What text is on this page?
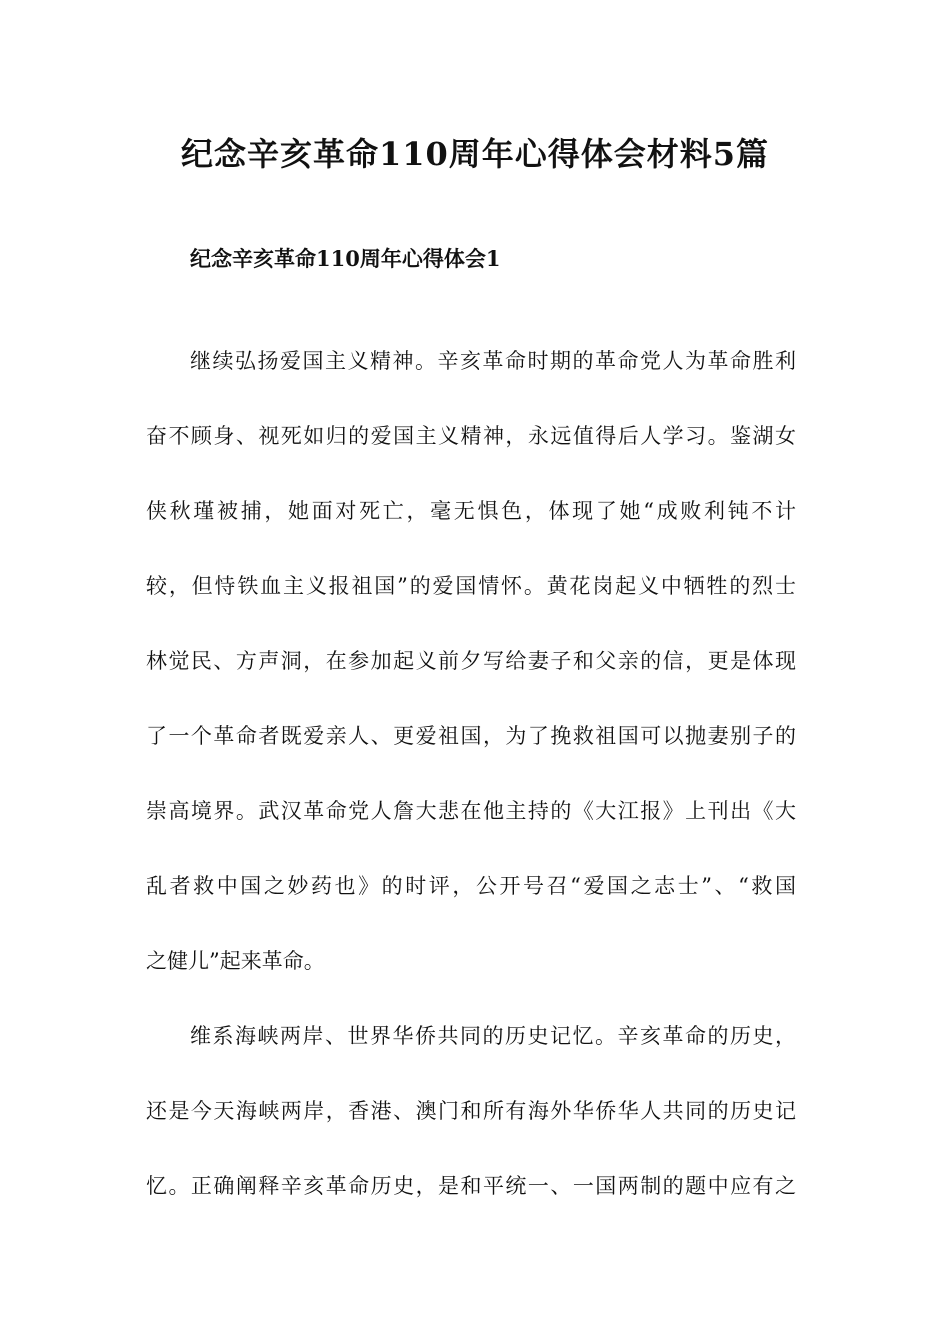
纪念辛亥革命110周年心得体会材料5篇
纪念辛亥革命110周年心得体会1

继续弘扬爱国主义精神。辛亥革命时期的革命党人为革命胜利

奋不顾身、视死如归的爱国主义精神，永远值得后人学习。鉴湖女

侠秋瑾被捕，她面对死亡，毫无惧色，体现了她“成败利钝不计

较，但恃铁血主义报祖国”的爱国情怀。黄花岗起义中牺牲的烈士

林觉民、方声洞，在参加起义前夕写给妻子和父亲的信，更是体现

了一个革命者既爱亲人、更爱祖国，为了挽救祖国可以抛妻别子的

崇高境界。武汉革命党人詹大悲在他主持的《大江报》上刊出《大

乱者救中国之妙药也》的时评，公开号召“爱国之志士”、“救国

之健儿”起来革命。

维系海峡两岸、世界华侨共同的历史记忆。辛亥革命的历史，

还是今天海峡两岸，香港、澳门和所有海外华侨华人共同的历史记

忆。正确阐释辛亥革命历史，是和平统一、一国两制的题中应有之
